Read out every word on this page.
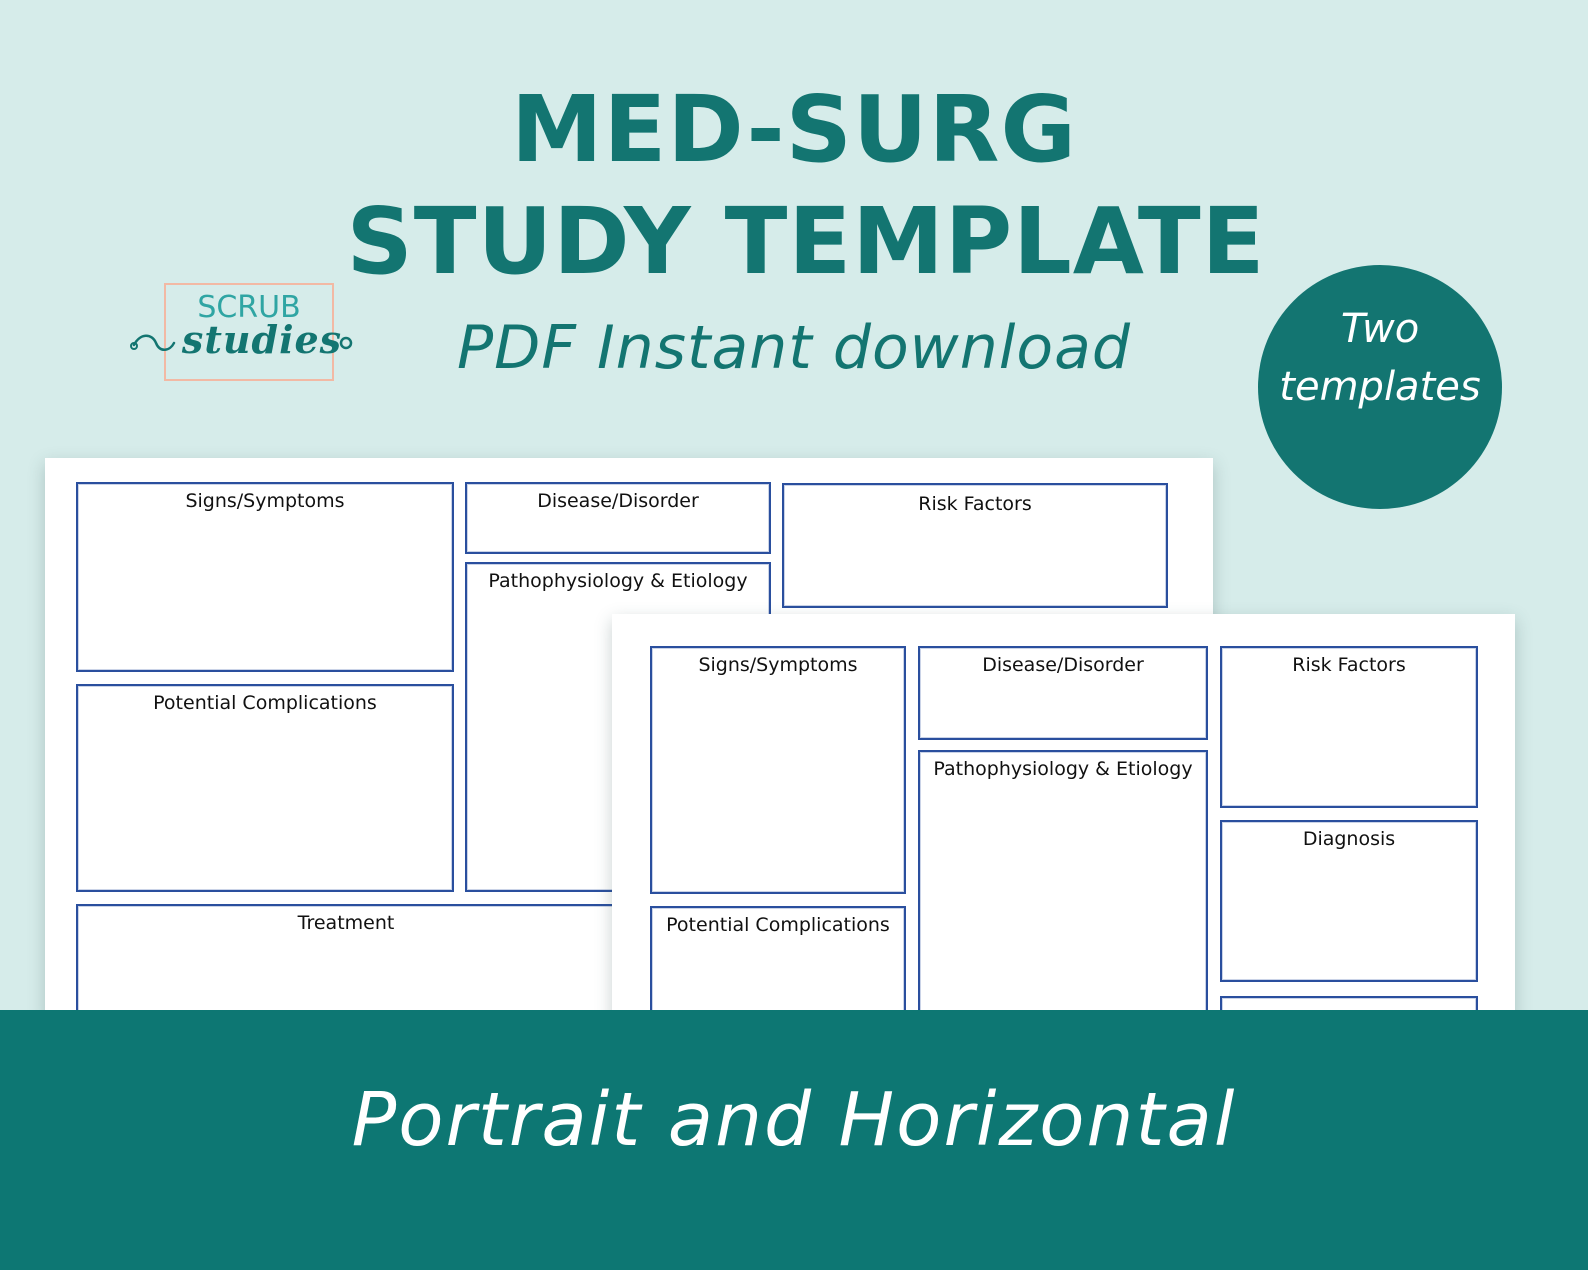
MED-SURG
STUDY TEMPLATE
PDF Instant download
SCRUB
studies	Two
templates
Signs/Symptoms	Disease/Disorder	Risk Factors
Pathophysiology & Etiology
Potential Complications
Treatment
Signs/Symptoms	Disease/Disorder	Risk Factors
Pathophysiology & Etiology
Diagnosis
Potential Complications
Portrait and Horizontal
